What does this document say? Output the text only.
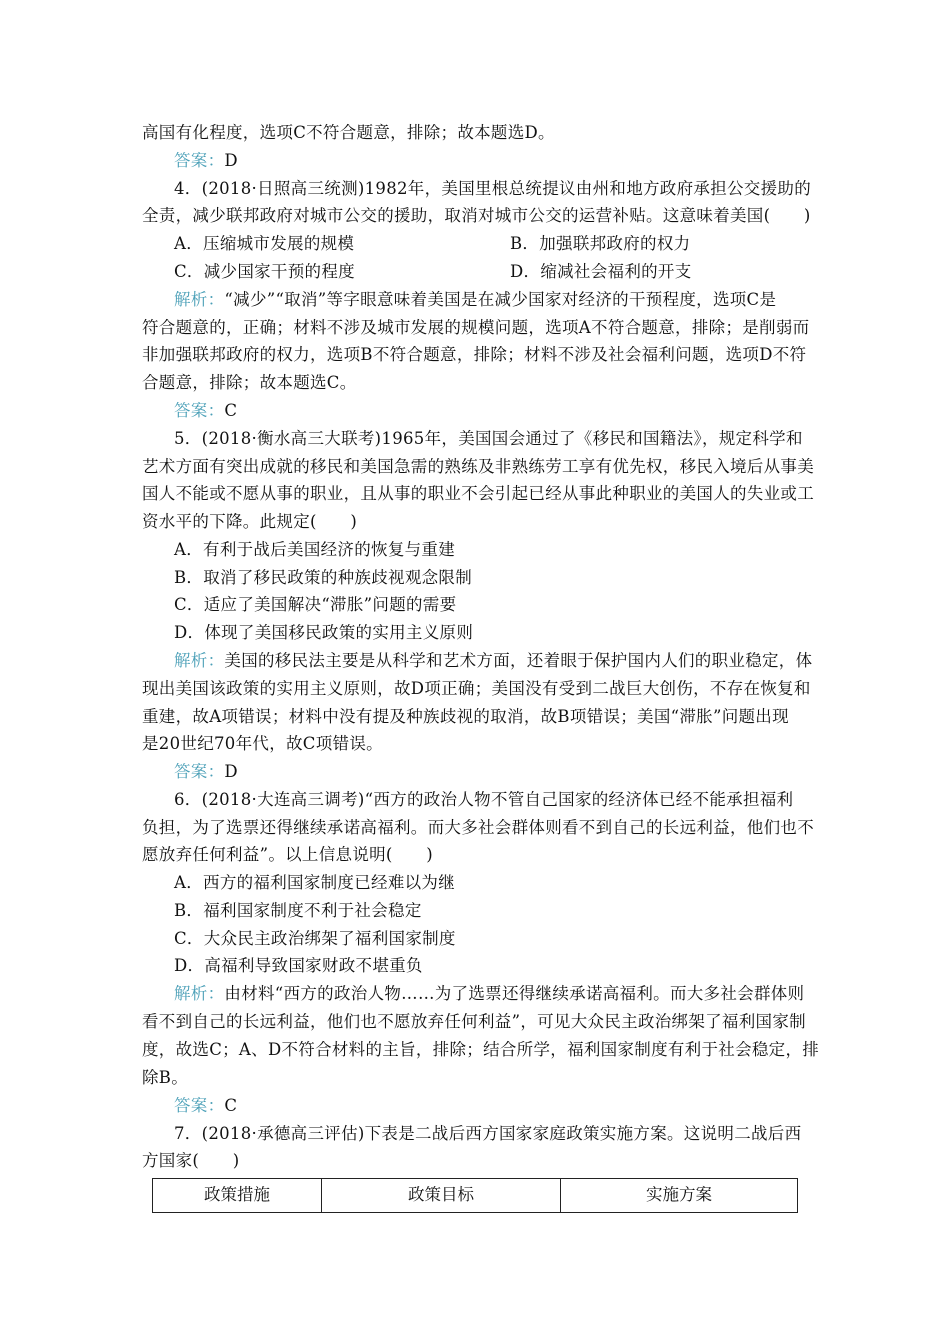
高国有化程度，选项C不符合题意，排除；故本题选D。
答案：D
4．(2018·日照高三统测)1982年，美国里根总统提议由州和地方政府承担公交援助的
全责，减少联邦政府对城市公交的援助，取消对城市公交的运营补贴。这意味着美国(　　)
A．压缩城市发展的规模	B．加强联邦政府的权力
C．减少国家干预的程度	D．缩减社会福利的开支
解析：“减少”“取消”等字眼意味着美国是在减少国家对经济的干预程度，选项C是
符合题意的，正确；材料不涉及城市发展的规模问题，选项A不符合题意，排除；是削弱而
非加强联邦政府的权力，选项B不符合题意，排除；材料不涉及社会福利问题，选项D不符
合题意，排除；故本题选C。
答案：C
5．(2018·衡水高三大联考)1965年，美国国会通过了《移民和国籍法》，规定科学和
艺术方面有突出成就的移民和美国急需的熟练及非熟练劳工享有优先权，移民入境后从事美
国人不能或不愿从事的职业，且从事的职业不会引起已经从事此种职业的美国人的失业或工
资水平的下降。此规定(　　)
A．有利于战后美国经济的恢复与重建
B．取消了移民政策的种族歧视观念限制
C．适应了美国解决“滞胀”问题的需要
D．体现了美国移民政策的实用主义原则
解析：美国的移民法主要是从科学和艺术方面，还着眼于保护国内人们的职业稳定，体
现出美国该政策的实用主义原则，故D项正确；美国没有受到二战巨大创伤，不存在恢复和
重建，故A项错误；材料中没有提及种族歧视的取消，故B项错误；美国“滞胀”问题出现
是20世纪70年代，故C项错误。
答案：D
6．(2018·大连高三调考)“西方的政治人物不管自己国家的经济体已经不能承担福利
负担，为了选票还得继续承诺高福利。而大多社会群体则看不到自己的长远利益，他们也不
愿放弃任何利益”。以上信息说明(　　)
A．西方的福利国家制度已经难以为继
B．福利国家制度不利于社会稳定
C．大众民主政治绑架了福利国家制度
D．高福利导致国家财政不堪重负
解析：由材料“西方的政治人物……为了选票还得继续承诺高福利。而大多社会群体则
看不到自己的长远利益，他们也不愿放弃任何利益”，可见大众民主政治绑架了福利国家制
度，故选C；A、D不符合材料的主旨，排除；结合所学，福利国家制度有利于社会稳定，排
除B。
答案：C
7．(2018·承德高三评估)下表是二战后西方国家家庭政策实施方案。这说明二战后西
方国家(　　)
政策措施	政策目标	实施方案
